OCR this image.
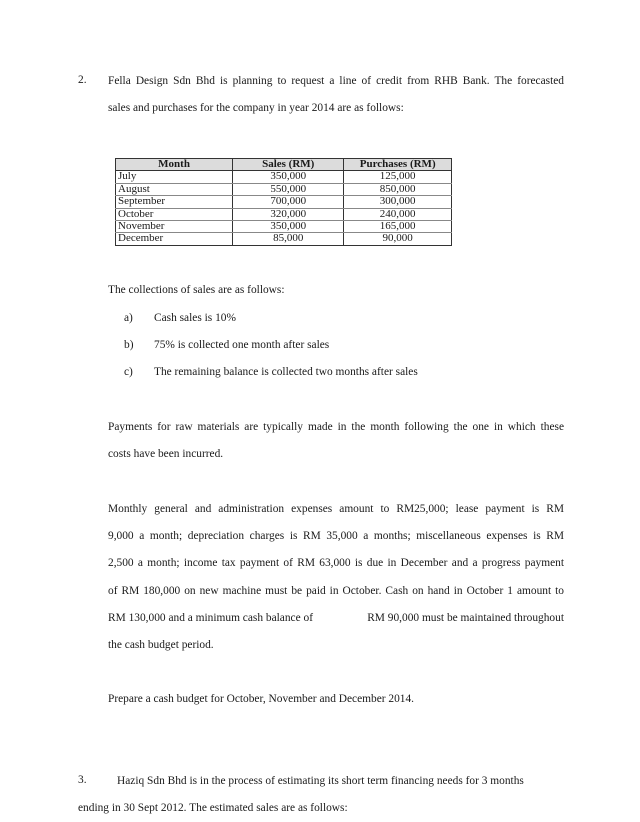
2. Fella Design Sdn Bhd is planning to request a line of credit from RHB Bank. The forecasted
sales and purchases for the company in year 2014 are as follows:
Month	Sales (RM)	Purchases (RM)
July	350,000	125,000
August	550,000	850,000
September	700,000	300,000
October	320,000	240,000
November	350,000	165,000
December	85,000	90,000
The collections of sales are as follows:
a) Cash sales is 10%
b) 75% is collected one month after sales
c) The remaining balance is collected two months after sales
Payments for raw materials are typically made in the month following the one in which these
costs have been incurred.
Monthly general and administration expenses amount to RM25,000; lease payment is RM
9,000 a month; depreciation charges is RM 35,000 a months; miscellaneous expenses is RM
2,500 a month; income tax payment of RM 63,000 is due in December and a progress payment
of RM 180,000 on new machine must be paid in October. Cash on hand in October 1 amount to
RM 130,000 and a minimum cash balance of	RM 90,000 must be maintained throughout
the cash budget period.
Prepare a cash budget for October, November and December 2014.
3.	Haziq Sdn Bhd is in the process of estimating its short term financing needs for 3 months
ending in 30 Sept 2012. The estimated sales are as follows:
